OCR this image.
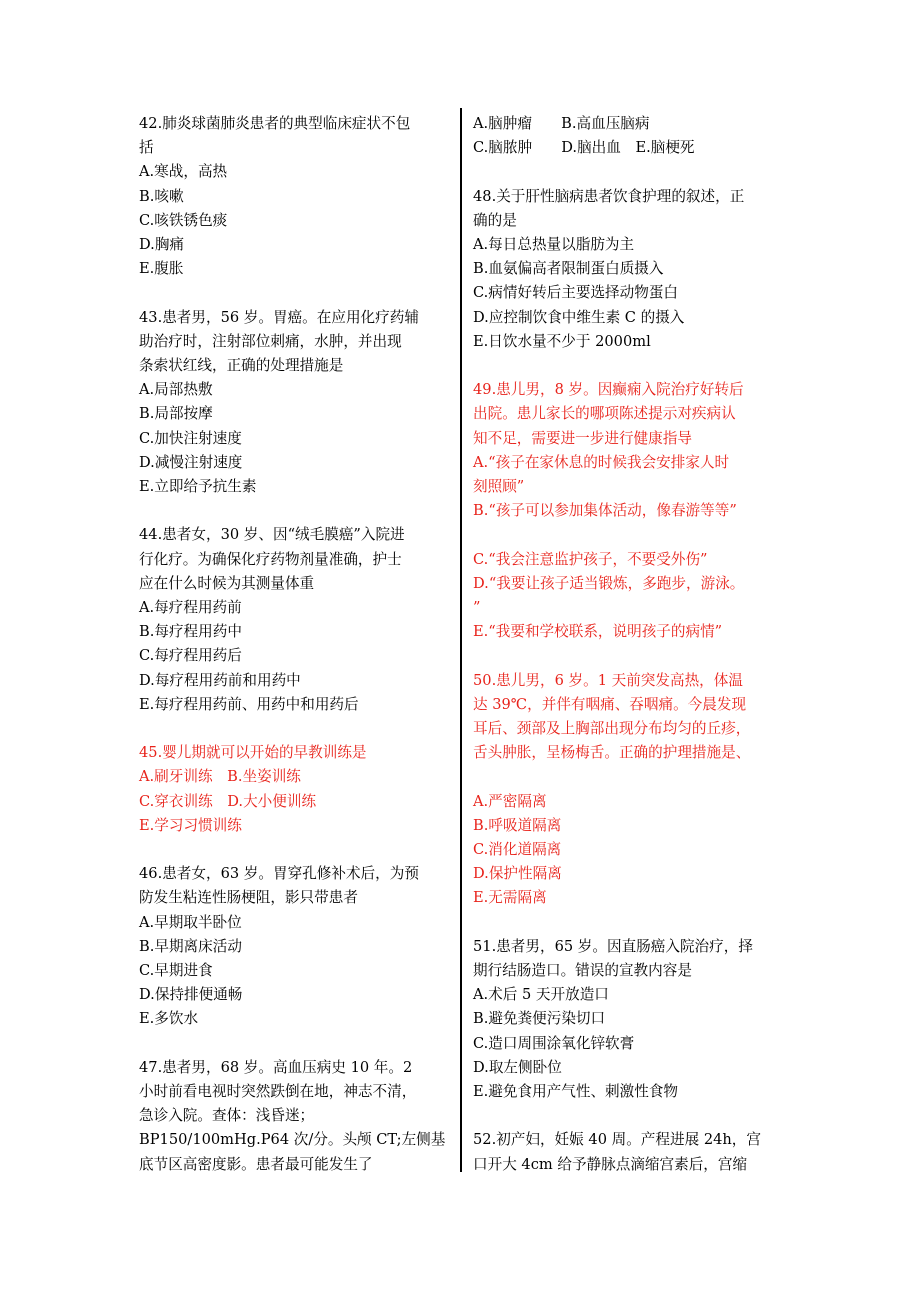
42.肺炎球菌肺炎患者的典型临床症状不包
括
A.寒战，高热
B.咳嗽
C.咳铁锈色痰
D.胸痛
E.腹胀
43.患者男，56 岁。胃癌。在应用化疗药辅
助治疗时，注射部位刺痛，水肿，并出现
条索状红线，正确的处理措施是
A.局部热敷
B.局部按摩
C.加快注射速度
D.减慢注射速度
E.立即给予抗生素
44.患者女，30 岁、因“绒毛膜癌”入院进
行化疗。为确保化疗药物剂量准确，护士
应在什么时候为其测量体重
A.每疗程用药前
B.每疗程用药中
C.每疗程用药后
D.每疗程用药前和用药中
E.每疗程用药前、用药中和用药后
45.婴儿期就可以开始的早教训练是
A.刷牙训练　B.坐姿训练
C.穿衣训练　D.大小便训练
E.学习习惯训练
46.患者女，63 岁。胃穿孔修补术后，为预
防发生粘连性肠梗阻，影只带患者
A.早期取半卧位
B.早期离床活动
C.早期进食
D.保持排便通畅
E.多饮水
47.患者男，68 岁。高血压病史 10 年。2
小时前看电视时突然跌倒在地，神志不清，
急诊入院。查体：浅昏迷；
BP150/100mHg.P64 次/分。头颅 CT;左侧基
底节区高密度影。患者最可能发生了
A.脑肿瘤　　B.高血压脑病
C.脑脓肿　　D.脑出血　E.脑梗死
48.关于肝性脑病患者饮食护理的叙述，正
确的是
A.每日总热量以脂肪为主
B.血氨偏高者限制蛋白质摄入
C.病情好转后主要选择动物蛋白
D.应控制饮食中维生素 C 的摄入
E.日饮水量不少于 2000ml
49.患儿男，8 岁。因癫痫入院治疗好转后
出院。患儿家长的哪项陈述提示对疾病认
知不足，需要进一步进行健康指导
A.“孩子在家休息的时候我会安排家人时
刻照顾”
B.“孩子可以参加集体活动，像春游等等”
C.“我会注意监护孩子，不要受外伤”
D.“我要让孩子适当锻炼，多跑步，游泳。
”
E.“我要和学校联系，说明孩子的病情”
50.患儿男，6 岁。1 天前突发高热，体温
达 39℃，并伴有咽痛、吞咽痛。今晨发现
耳后、颈部及上胸部出现分布均匀的丘疹，
舌头肿胀，呈杨梅舌。正确的护理措施是、
A.严密隔离
B.呼吸道隔离
C.消化道隔离
D.保护性隔离
E.无需隔离
51.患者男，65 岁。因直肠癌入院治疗，择
期行结肠造口。错误的宣教内容是
A.术后 5 天开放造口
B.避免粪便污染切口
C.造口周围涂氧化锌软膏
D.取左侧卧位
E.避免食用产气性、刺激性食物
52.初产妇，妊娠 40 周。产程进展 24h，宫
口开大 4cm 给予静脉点滴缩宫素后，宫缩
